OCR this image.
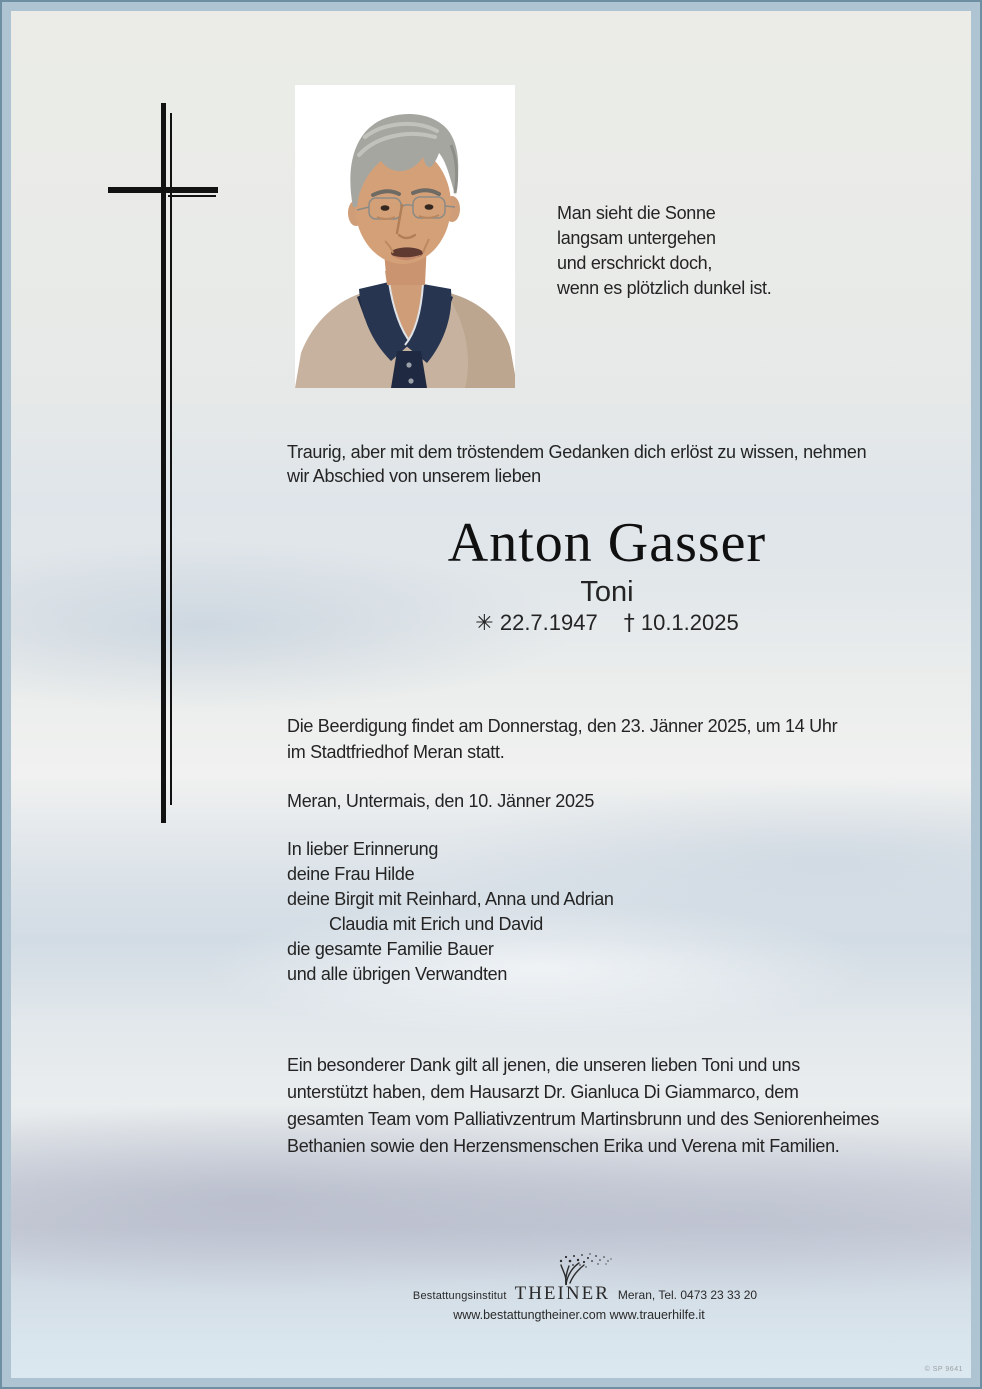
Man sieht die Sonne
langsam untergehen
und erschrickt doch,
wenn es plötzlich dunkel ist.
Traurig, aber mit dem tröstendem Gedanken dich erlöst zu wissen, nehmen
wir Abschied von unserem lieben
Anton Gasser
Toni
✳ 22.7.1947 † 10.1.2025
Die Beerdigung findet am Donnerstag, den 23. Jänner 2025, um 14 Uhr
im Stadtfriedhof Meran statt.
Meran, Untermais, den 10. Jänner 2025
In lieber Erinnerung
deine Frau Hilde
deine Birgit mit Reinhard, Anna und Adrian
Claudia mit Erich und David
die gesamte Familie Bauer
und alle übrigen Verwandten
Ein besonderer Dank gilt all jenen, die unseren lieben Toni und uns
unterstützt haben, dem Hausarzt Dr. Gianluca Di Giammarco, dem
gesamten Team vom Palliativzentrum Martinsbrunn und des Seniorenheimes
Bethanien sowie den Herzensmenschen Erika und Verena mit Familien.
Bestattungsinstitut THEINER Meran, Tel. 0473 23 33 20
www.bestattungtheiner.com www.trauerhilfe.it
© SP 9641
